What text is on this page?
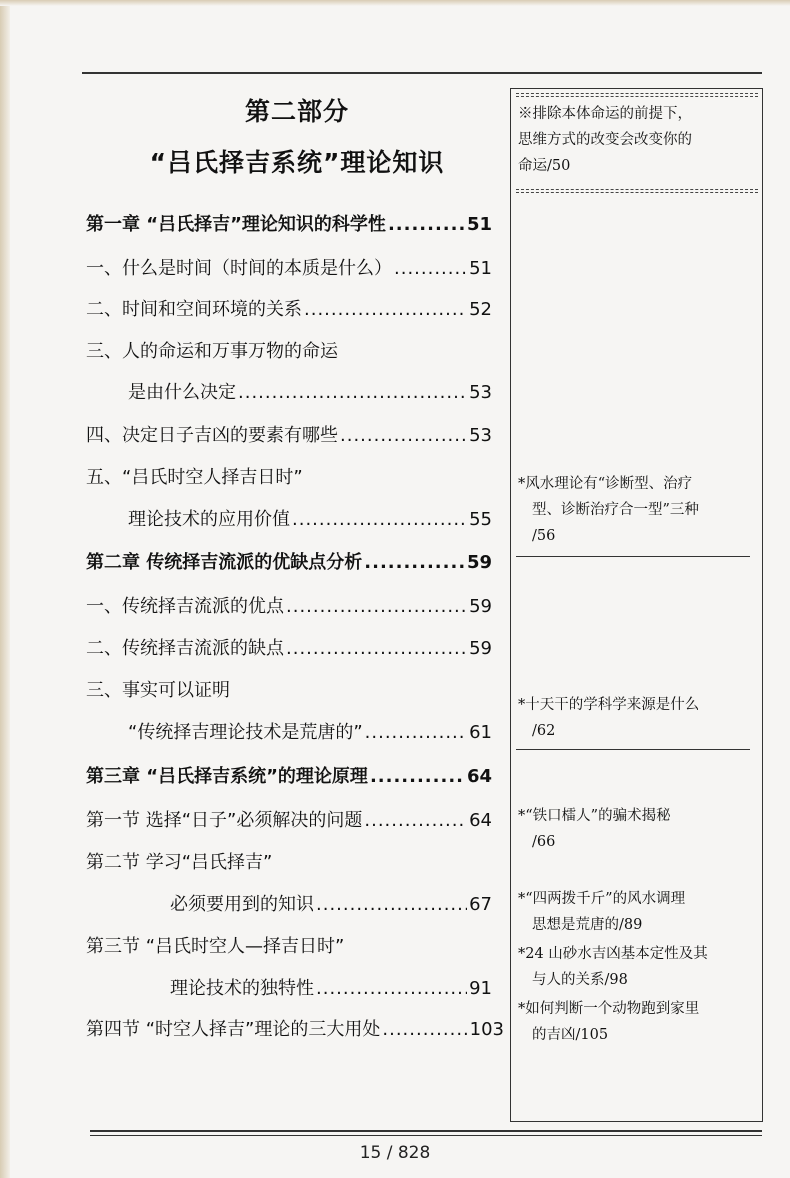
第二部分
“吕氏择吉系统”理论知识
第一章 “吕氏择吉”理论知识的科学性 .....	51
一、什么是时间（时间的本质是什么） .....	51
二、时间和空间环境的关系 .....	52
三、人的命运和万事万物的命运
是由什么决定 .....	53
四、决定日子吉凶的要素有哪些 .....	53
五、“吕氏时空人择吉日时”
理论技术的应用价值 .....	55
第二章 传统择吉流派的优缺点分析 .....	59
一、传统择吉流派的优点 .....	59
二、传统择吉流派的缺点 .....	59
三、事实可以证明
“传统择吉理论技术是荒唐的” .....	61
第三章 “吕氏择吉系统”的理论原理 .....	64
第一节 选择“日子”必须解决的问题 .....	64
第二节 学习“吕氏择吉”
必须要用到的知识 .....	67
第三节 “吕氏时空人—择吉日时”
理论技术的独特性 .....	91
第四节 “时空人择吉”理论的三大用处 .....	103
※排除本体命运的前提下，
思维方式的改变会改变你的
命运/50
*风水理论有“诊断型、治疗
型、诊断治疗合一型”三种
/56
*十天干的学科学来源是什么
/62
*“铁口檑人”的骗术揭秘
/66
*“四两拨千斤”的风水调理
思想是荒唐的/89
*24 山砂水吉凶基本定性及其
与人的关系/98
*如何判断一个动物跑到家里
的吉凶/105
15 / 828
